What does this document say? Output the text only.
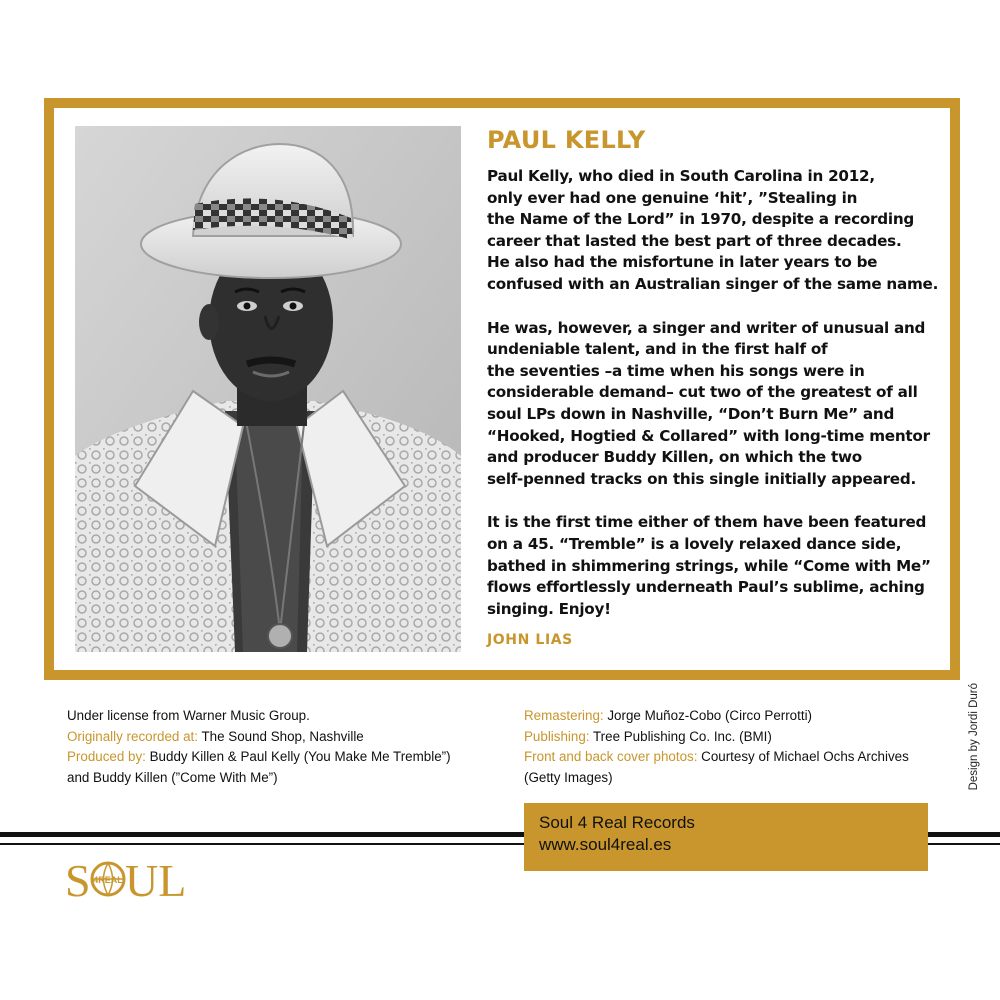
PAUL KELLY
Paul Kelly, who died in South Carolina in 2012,
only ever had one genuine ‘hit’, ”Stealing in
the Name of the Lord” in 1970, despite a recording
career that lasted the best part of three decades.
He also had the misfortune in later years to be
confused with an Australian singer of the same name.
He was, however, a singer and writer of unusual and
undeniable talent, and in the first half of
the seventies –a time when his songs were in
considerable demand– cut two of the greatest of all
soul LPs down in Nashville, “Don’t Burn Me” and
“Hooked, Hogtied & Collared” with long-time mentor
and producer Buddy Killen, on which the two
self-penned tracks on this single initially appeared.
It is the first time either of them have been featured
on a 45. “Tremble” is a lovely relaxed dance side,
bathed in shimmering strings, while “Come with Me”
flows effortlessly underneath Paul’s sublime, aching
singing. Enjoy!
JOHN LIAS
Design by Jordi Duró
Under license from Warner Music Group.
Originally recorded at: The Sound Shop, Nashville
Produced by: Buddy Killen & Paul Kelly (You Make Me Tremble”)
and Buddy Killen (”Come With Me”)
Remastering: Jorge Muñoz-Cobo (Circo Perrotti)
Publishing: Tree Publishing Co. Inc. (BMI)
Front and back cover photos: Courtesy of Michael Ochs Archives
(Getty Images)
Soul 4 Real Records
www.soul4real.es
S 4REAL UL
